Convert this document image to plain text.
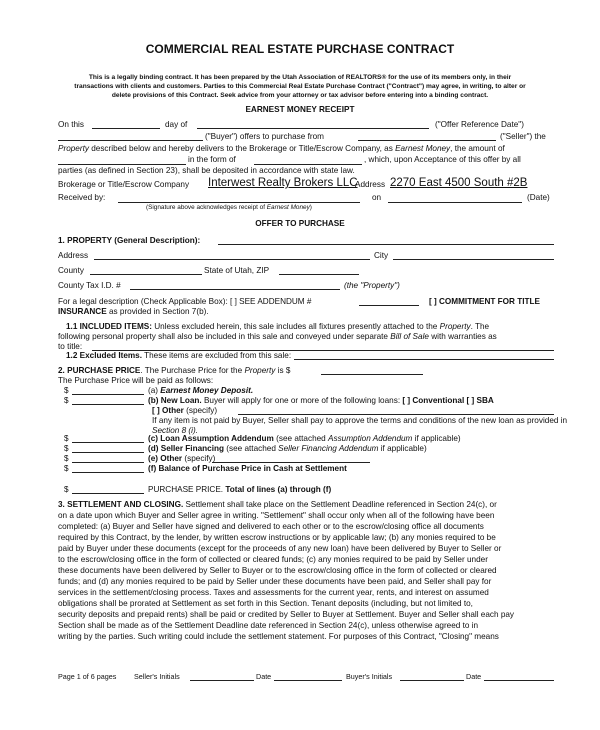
COMMERCIAL REAL ESTATE PURCHASE CONTRACT
This is a legally binding contract. It has been prepared by the Utah Association of REALTORS® for the use of its members only, in their
transactions with clients and customers. Parties to this Commercial Real Estate Purchase Contract ("Contract") may agree, in writing, to alter or
delete provisions of this Contract. Seek advice from your attorney or tax advisor before entering into a binding contract.
EARNEST MONEY RECEIPT
On this	day of	("Offer Reference Date")
("Buyer") offers to purchase from	("Seller") the
Property described below and hereby delivers to the Brokerage or Title/Escrow Company, as Earnest Money, the amount of
in the form of	, which, upon Acceptance of this offer by all
parties (as defined in Section 23), shall be deposited in accordance with state law.
Brokerage or Title/Escrow Company Interwest Realty Brokers LLC
Address 2270 East 4500 South #2B
Received by:	on	(Date)
(Signature above acknowledges receipt of Earnest Money)
OFFER TO PURCHASE
1. PROPERTY (General Description):
Address	City
County	State of Utah, ZIP
County Tax I.D. #	(the "Property")
For a legal description (Check Applicable Box): [ ] SEE ADDENDUM #	[ ] COMMITMENT FOR TITLE
INSURANCE as provided in Section 7(b).
1.1 INCLUDED ITEMS: Unless excluded herein, this sale includes all fixtures presently attached to the Property. The
following personal property shall also be included in this sale and conveyed under separate Bill of Sale with warranties as
to title:
1.2 Excluded Items. These items are excluded from this sale:
2. PURCHASE PRICE. The Purchase Price for the Property is $
The Purchase Price will be paid as follows:
$	(a) Earnest Money Deposit.
$	(b) New Loan. Buyer will apply for one or more of the following loans: [ ] Conventional [ ] SBA
[ ] Other (specify)
If any item is not paid by Buyer, Seller shall pay to approve the terms and conditions of the new loan as provided in
Section 8 (i).
$	(c) Loan Assumption Addendum (see attached Assumption Addendum if applicable)
$	(d) Seller Financing (see attached Seller Financing Addendum if applicable)
$	(e) Other (specify)
$	(f) Balance of Purchase Price in Cash at Settlement
$	PURCHASE PRICE. Total of lines (a) through (f)
3. SETTLEMENT AND CLOSING. Settlement shall take place on the Settlement Deadline referenced in Section 24(c), or
on a date upon which Buyer and Seller agree in writing. "Settlement" shall occur only when all of the following have been
completed: (a) Buyer and Seller have signed and delivered to each other or to the escrow/closing office all documents
required by this Contract, by the lender, by written escrow instructions or by applicable law; (b) any monies required to be
paid by Buyer under these documents (except for the proceeds of any new loan) have been delivered by Buyer to Seller or
to the escrow/closing office in the form of collected or cleared funds; (c) any monies required to be paid by Seller under
these documents have been delivered by Seller to Buyer or to the escrow/closing office in the form of collected or cleared
funds; and (d) any monies required to be paid by Seller under these documents have been paid, and Seller shall pay for
services in the settlement/closing process. Taxes and assessments for the current year, rents, and interest on assumed
obligations shall be prorated at Settlement as set forth in this Section. Tenant deposits (including, but not limited to,
security deposits and prepaid rents) shall be paid or credited by Seller to Buyer at Settlement. Buyer and Seller shall each pay
Section shall be made as of the Settlement Deadline date referenced in Section 24(c), unless otherwise agreed to in
writing by the parties. Such writing could include the settlement statement. For purposes of this Contract, "Closing" means
Page 1 of 6 pages Seller's Initials	Date	Buyer's Initials	Date
